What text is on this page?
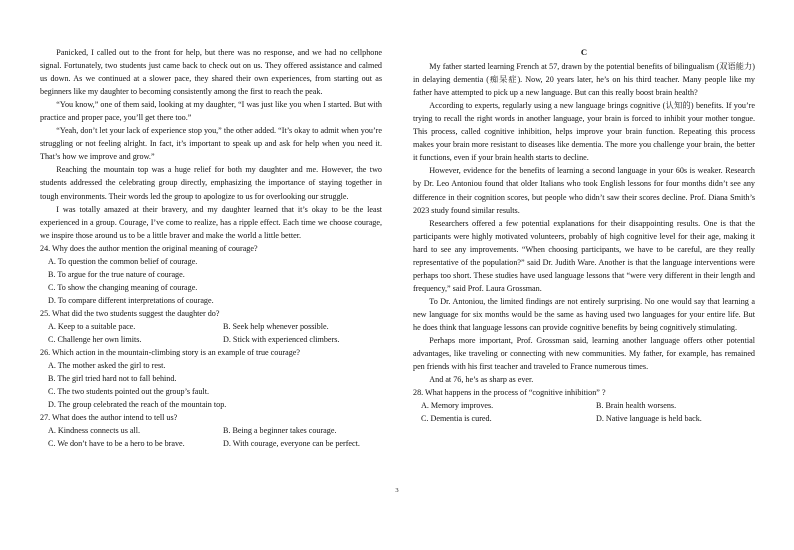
Panicked, I called out to the front for help, but there was no response, and we had no cellphone signal. Fortunately, two students just came back to check out on us. They offered assistance and calmed us down. As we continued at a slower pace, they shared their own experiences, from starting out as beginners like my daughter to becoming consistently among the first to reach the peak.

“You know,” one of them said, looking at my daughter, “I was just like you when I started. But with practice and proper pace, you’ll get there too.”

“Yeah, don’t let your lack of experience stop you,” the other added. “It’s okay to admit when you’re struggling or not feeling alright. In fact, it’s important to speak up and ask for help when you need it. That’s how we improve and grow.”

Reaching the mountain top was a huge relief for both my daughter and me. However, the two students addressed the celebrating group directly, emphasizing the importance of staying together in tough environments. Their words led the group to apologize to us for overlooking our struggle.

I was totally amazed at their bravery, and my daughter learned that it’s okay to be the least experienced in a group. Courage, I’ve come to realize, has a ripple effect. Each time we choose courage, we inspire those around us to be a little braver and make the world a little better.

24. Why does the author mention the original meaning of courage?

A. To question the common belief of courage.

B. To argue for the true nature of courage.

C. To show the changing meaning of courage.

D. To compare different interpretations of courage.

25. What did the two students suggest the daughter do?

A. Keep to a suitable pace.	B. Seek help whenever possible.
C. Challenge her own limits.	D. Stick with experienced climbers.

26. Which action in the mountain-climbing story is an example of true courage?

A. The mother asked the girl to rest.

B. The girl tried hard not to fall behind.

C. The two students pointed out the group’s fault.

D. The group celebrated the reach of the mountain top.

27. What does the author intend to tell us?

A. Kindness connects us all.	B. Being a beginner takes courage.
C. We don’t have to be a hero to be brave.	D. With courage, everyone can be perfect.

C

My father started learning French at 57, drawn by the potential benefits of bilingualism (双语能力) in delaying dementia (痴呆症). Now, 20 years later, he’s on his third teacher. Many people like my father have attempted to pick up a new language. But can this really boost brain health?

According to experts, regularly using a new language brings cognitive (认知的) benefits. If you’re trying to recall the right words in another language, your brain is forced to inhibit your mother tongue. This process, called cognitive inhibition, helps improve your brain function. Repeating this process makes your brain more resistant to diseases like dementia. The more you challenge your brain, the better it functions, even if your brain health starts to decline.

However, evidence for the benefits of learning a second language in your 60s is weaker. Research by Dr. Leo Antoniou found that older Italians who took English lessons for four months didn’t see any difference in their cognition scores, but people who didn’t saw their scores decline. Prof. Diana Smith’s 2023 study found similar results.

Researchers offered a few potential explanations for their disappointing results. One is that the participants were highly motivated volunteers, probably of high cognitive level for their age, making it hard to see any improvements. “When choosing participants, we have to be careful, are they really representative of the population?” said Dr. Judith Ware. Another is that the language interventions were perhaps too short. These studies have used language lessons that “were very different in their length and frequency,” said Prof. Laura Grossman.

To Dr. Antoniou, the limited findings are not entirely surprising. No one would say that learning a new language for six months would be the same as having used two languages for your entire life. But he does think that language lessons can provide cognitive benefits by being cognitively stimulating.

Perhaps more important, Prof. Grossman said, learning another language offers other potential advantages, like traveling or connecting with new communities. My father, for example, has remained pen friends with his first teacher and traveled to France numerous times.

And at 76, he’s as sharp as ever.

28. What happens in the process of “cognitive inhibition” ?

A. Memory improves.	B. Brain health worsens.
C. Dementia is cured.	D. Native language is held back.
3
